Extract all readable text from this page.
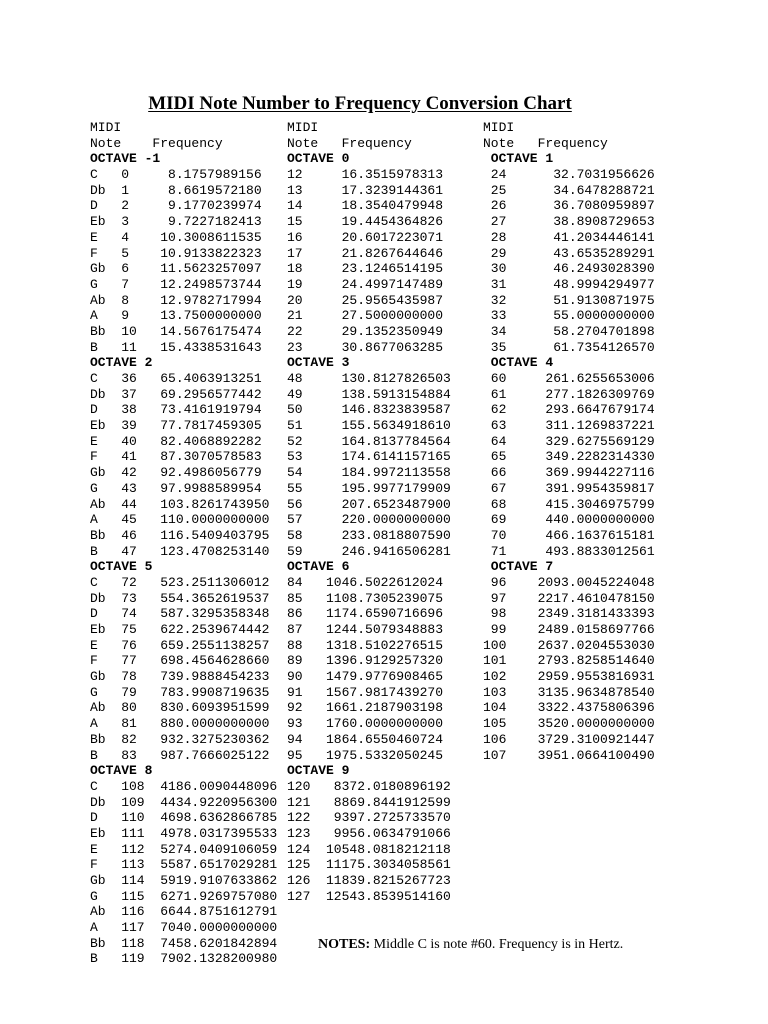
MIDI Note Number to Frequency Conversion Chart
MIDI
Note    Frequency
OCTAVE -1
C   0     8.1757989156
Db  1     8.6619572180
D   2     9.1770239974
Eb  3     9.7227182413
E   4    10.3008611535
F   5    10.9133822323
Gb  6    11.5623257097
G   7    12.2498573744
Ab  8    12.9782717994
A   9    13.7500000000
Bb  10   14.5676175474
B   11   15.4338531643
OCTAVE 2
C   36   65.4063913251
Db  37   69.2956577442
D   38   73.4161919794
Eb  39   77.7817459305
E   40   82.4068892282
F   41   87.3070578583
Gb  42   92.4986056779
G   43   97.9988589954
Ab  44   103.8261743950
A   45   110.0000000000
Bb  46   116.5409403795
B   47   123.4708253140
OCTAVE 5
C   72   523.2511306012
Db  73   554.3652619537
D   74   587.3295358348
Eb  75   622.2539674442
E   76   659.2551138257
F   77   698.4564628660
Gb  78   739.9888454233
G   79   783.9908719635
Ab  80   830.6093951599
A   81   880.0000000000
Bb  82   932.3275230362
B   83   987.7666025122
OCTAVE 8
C   108  4186.0090448096
Db  109  4434.9220956300
D   110  4698.6362866785
Eb  111  4978.0317395533
E   112  5274.0409106059
F   113  5587.6517029281
Gb  114  5919.9107633862
G   115  6271.9269757080
Ab  116  6644.8751612791
A   117  7040.0000000000
Bb  118  7458.6201842894
B   119  7902.1328200980
MIDI
Note   Frequency
OCTAVE 0
12     16.3515978313
13     17.3239144361
14     18.3540479948
15     19.4454364826
16     20.6017223071
17     21.8267644646
18     23.1246514195
19     24.4997147489
20     25.9565435987
21     27.5000000000
22     29.1352350949
23     30.8677063285
OCTAVE 3
48     130.8127826503
49     138.5913154884
50     146.8323839587
51     155.5634918610
52     164.8137784564
53     174.6141157165
54     184.9972113558
55     195.9977179909
56     207.6523487900
57     220.0000000000
58     233.0818807590
59     246.9416506281
OCTAVE 6
84   1046.5022612024
85   1108.7305239075
86   1174.6590716696
87   1244.5079348883
88   1318.5102276515
89   1396.9129257320
90   1479.9776908465
91   1567.9817439270
92   1661.2187903198
93   1760.0000000000
94   1864.6550460724
95   1975.5332050245
OCTAVE 9
120   8372.0180896192
121   8869.8441912599
122   9397.2725733570
123   9956.0634791066
124  10548.0818212118
125  11175.3034058561
126  11839.8215267723
127  12543.8539514160
MIDI
Note   Frequency
OCTAVE 1
24      32.7031956626
25      34.6478288721
26      36.7080959897
27      38.8908729653
28      41.2034446141
29      43.6535289291
30      46.2493028390
31      48.9994294977
32      51.9130871975
33      55.0000000000
34      58.2704701898
35      61.7354126570
OCTAVE 4
60     261.6255653006
61     277.1826309769
62     293.6647679174
63     311.1269837221
64     329.6275569129
65     349.2282314330
66     369.9944227116
67     391.9954359817
68     415.3046975799
69     440.0000000000
70     466.1637615181
71     493.8833012561
OCTAVE 7
96    2093.0045224048
97    2217.4610478150
98    2349.3181433393
99    2489.0158697766
100    2637.0204553030
101    2793.8258514640
102    2959.9553816931
103    3135.9634878540
104    3322.4375806396
105    3520.0000000000
106    3729.3100921447
107    3951.0664100490
NOTES: Middle C is note #60. Frequency is in Hertz.
